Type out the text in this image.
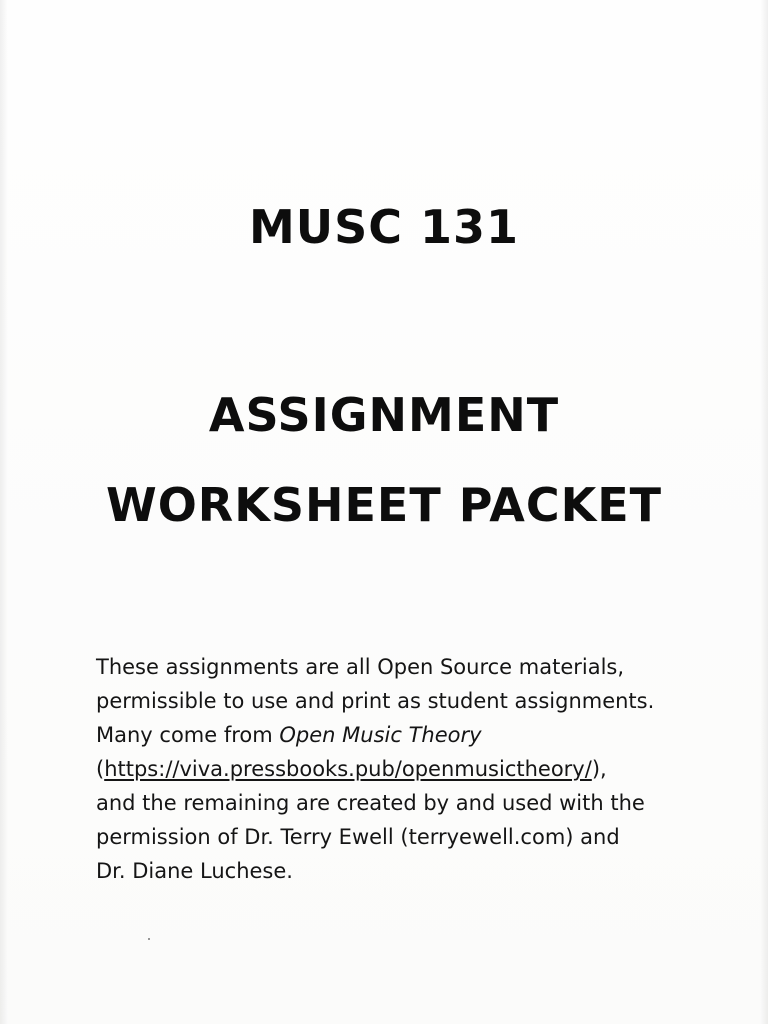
MUSC 131
ASSIGNMENT
WORKSHEET PACKET

These assignments are all Open Source materials,
permissible to use and print as student assignments.
Many come from Open Music Theory
(https://viva.pressbooks.pub/openmusictheory/),
and the remaining are created by and used with the
permission of Dr. Terry Ewell (terryewell.com) and
Dr. Diane Luchese.
